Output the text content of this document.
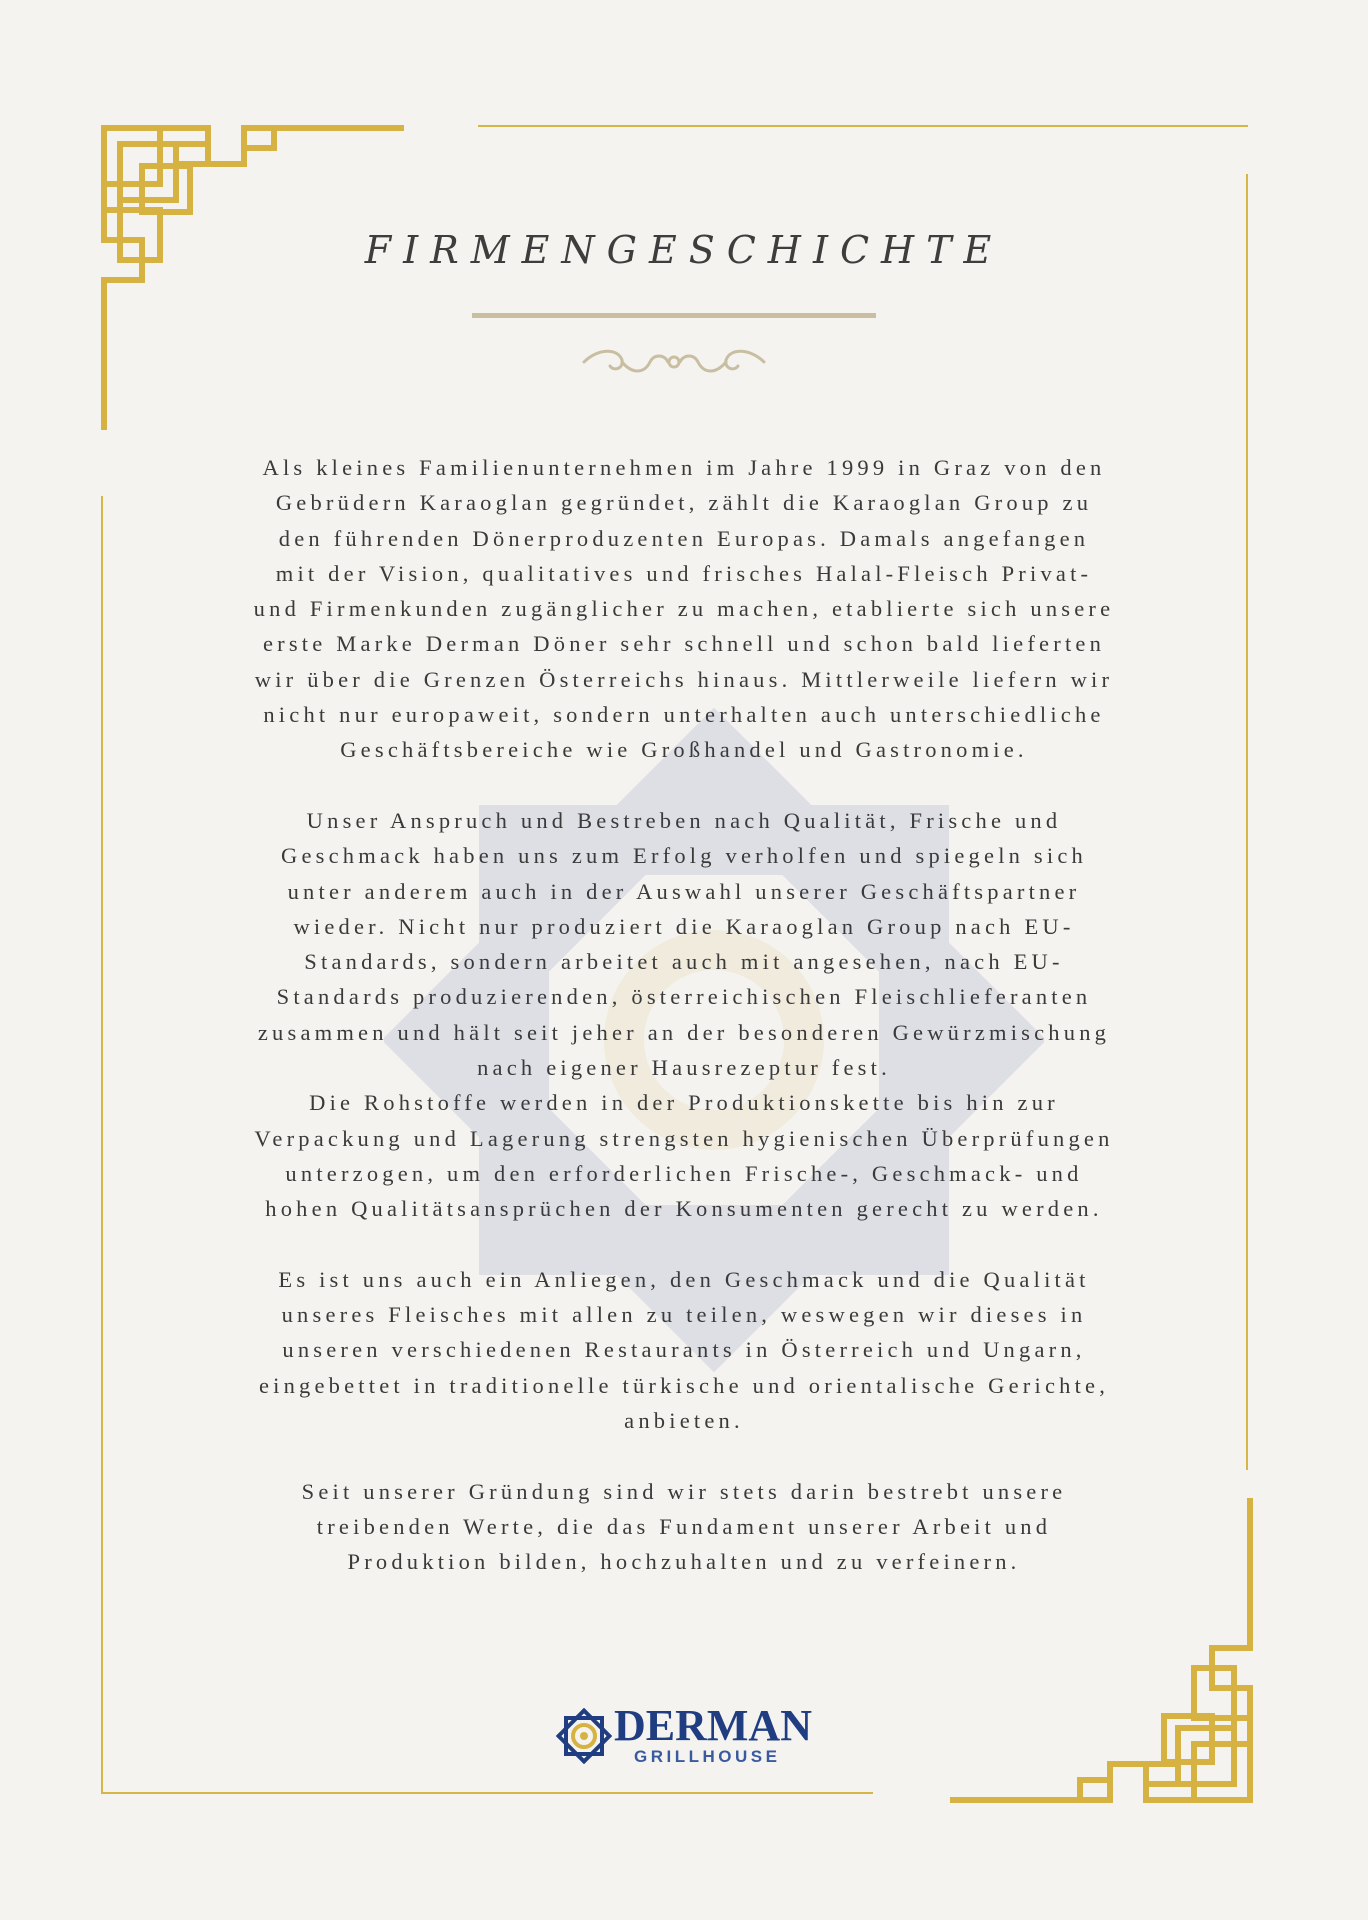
FIRMENGESCHICHTE

Als kleines Familienunternehmen im Jahre 1999 in Graz von den
Gebrüdern Karaoglan gegründet, zählt die Karaoglan Group zu
den führenden Dönerproduzenten Europas. Damals angefangen
mit der Vision, qualitatives und frisches Halal-Fleisch Privat-
und Firmenkunden zugänglicher zu machen, etablierte sich unsere
erste Marke Derman Döner sehr schnell und schon bald lieferten
wir über die Grenzen Österreichs hinaus. Mittlerweile liefern wir
nicht nur europaweit, sondern unterhalten auch unterschiedliche
Geschäftsbereiche wie Großhandel und Gastronomie.

Unser Anspruch und Bestreben nach Qualität, Frische und
Geschmack haben uns zum Erfolg verholfen und spiegeln sich
unter anderem auch in der Auswahl unserer Geschäftspartner
wieder. Nicht nur produziert die Karaoglan Group nach EU-
Standards, sondern arbeitet auch mit angesehen, nach EU-
Standards produzierenden, österreichischen Fleischlieferanten
zusammen und hält seit jeher an der besonderen Gewürzmischung
nach eigener Hausrezeptur fest.
Die Rohstoffe werden in der Produktionskette bis hin zur
Verpackung und Lagerung strengsten hygienischen Überprüfungen
unterzogen, um den erforderlichen Frische-, Geschmack- und
hohen Qualitätsansprüchen der Konsumenten gerecht zu werden.

Es ist uns auch ein Anliegen, den Geschmack und die Qualität
unseres Fleisches mit allen zu teilen, weswegen wir dieses in
unseren verschiedenen Restaurants in Österreich und Ungarn,
eingebettet in traditionelle türkische und orientalische Gerichte,
anbieten.

Seit unserer Gründung sind wir stets darin bestrebt unsere
treibenden Werte, die das Fundament unserer Arbeit und
Produktion bilden, hochzuhalten und zu verfeinern.

DERMAN
GRILLHOUSE
